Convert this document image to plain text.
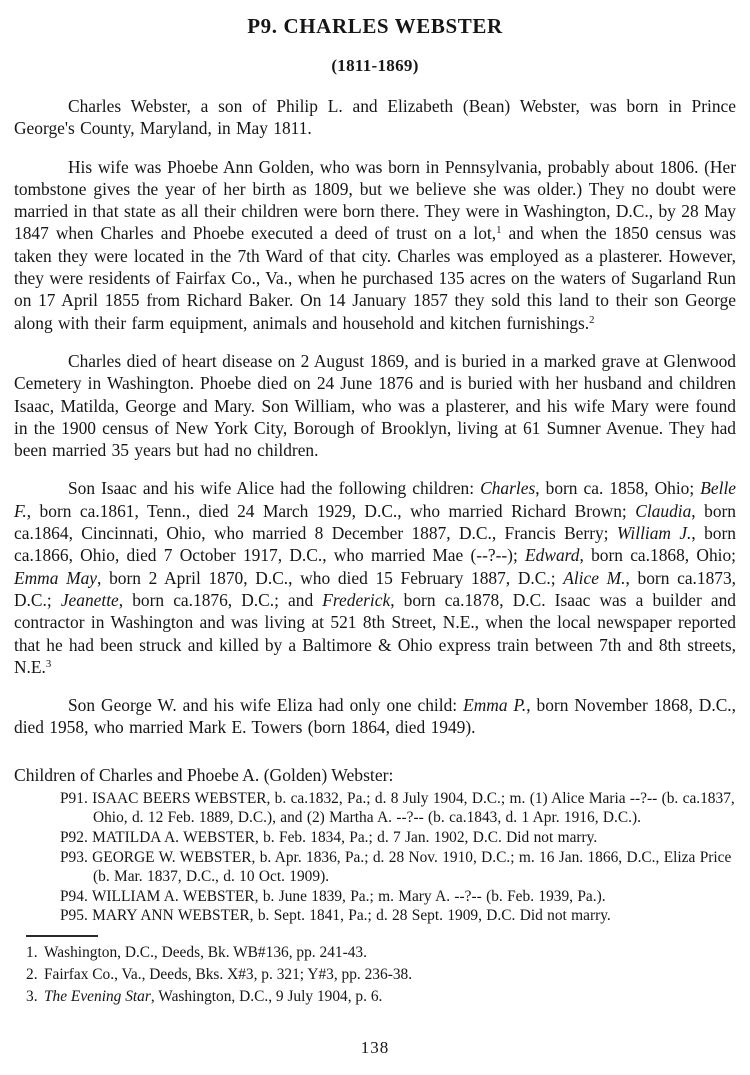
P9. CHARLES WEBSTER
(1811-1869)

Charles Webster, a son of Philip L. and Elizabeth (Bean) Webster, was born in Prince George's County, Maryland, in May 1811.

His wife was Phoebe Ann Golden, who was born in Pennsylvania, probably about 1806. (Her tombstone gives the year of her birth as 1809, but we believe she was older.) They no doubt were married in that state as all their children were born there. They were in Washington, D.C., by 28 May 1847 when Charles and Phoebe executed a deed of trust on a lot,$^1$ and when the 1850 census was taken they were located in the 7th Ward of that city. Charles was employed as a plasterer. However, they were residents of Fairfax Co., Va., when he purchased 135 acres on the waters of Sugarland Run on 17 April 1855 from Richard Baker. On 14 January 1857 they sold this land to their son George along with their farm equipment, animals and household and kitchen furnishings.$^2$

Charles died of heart disease on 2 August 1869, and is buried in a marked grave at Glenwood Cemetery in Washington. Phoebe died on 24 June 1876 and is buried with her husband and children Isaac, Matilda, George and Mary. Son William, who was a plasterer, and his wife Mary were found in the 1900 census of New York City, Borough of Brooklyn, living at 61 Sumner Avenue. They had been married 35 years but had no children.

Son Isaac and his wife Alice had the following children: Charles, born ca. 1858, Ohio; Belle F., born ca.1861, Tenn., died 24 March 1929, D.C., who married Richard Brown; Claudia, born ca.1864, Cincinnati, Ohio, who married 8 December 1887, D.C., Francis Berry; William J., born ca.1866, Ohio, died 7 October 1917, D.C., who married Mae (--?--); Edward, born ca.1868, Ohio; Emma May, born 2 April 1870, D.C., who died 15 February 1887, D.C.; Alice M., born ca.1873, D.C.; Jeanette, born ca.1876, D.C.; and Frederick, born ca.1878, D.C. Isaac was a builder and contractor in Washington and was living at 521 8th Street, N.E., when the local newspaper reported that he had been struck and killed by a Baltimore & Ohio express train between 7th and 8th streets, N.E.$^3$

Son George W. and his wife Eliza had only one child: Emma P., born November 1868, D.C., died 1958, who married Mark E. Towers (born 1864, died 1949).

Children of Charles and Phoebe A. (Golden) Webster:
P91. ISAAC BEERS WEBSTER, b. ca.1832, Pa.; d. 8 July 1904, D.C.; m. (1) Alice Maria --?-- (b. ca.1837, Ohio, d. 12 Feb. 1889, D.C.), and (2) Martha A. --?-- (b. ca.1843, d. 1 Apr. 1916, D.C.).
P92. MATILDA A. WEBSTER, b. Feb. 1834, Pa.; d. 7 Jan. 1902, D.C. Did not marry.
P93. GEORGE W. WEBSTER, b. Apr. 1836, Pa.; d. 28 Nov. 1910, D.C.; m. 16 Jan. 1866, D.C., Eliza Price (b. Mar. 1837, D.C., d. 10 Oct. 1909).
P94. WILLIAM A. WEBSTER, b. June 1839, Pa.; m. Mary A. --?-- (b. Feb. 1939, Pa.).
P95. MARY ANN WEBSTER, b. Sept. 1841, Pa.; d. 28 Sept. 1909, D.C. Did not marry.
1. Washington, D.C., Deeds, Bk. WB#136, pp. 241-43.
2. Fairfax Co., Va., Deeds, Bks. X#3, p. 321; Y#3, pp. 236-38.
3. The Evening Star, Washington, D.C., 9 July 1904, p. 6.
138
